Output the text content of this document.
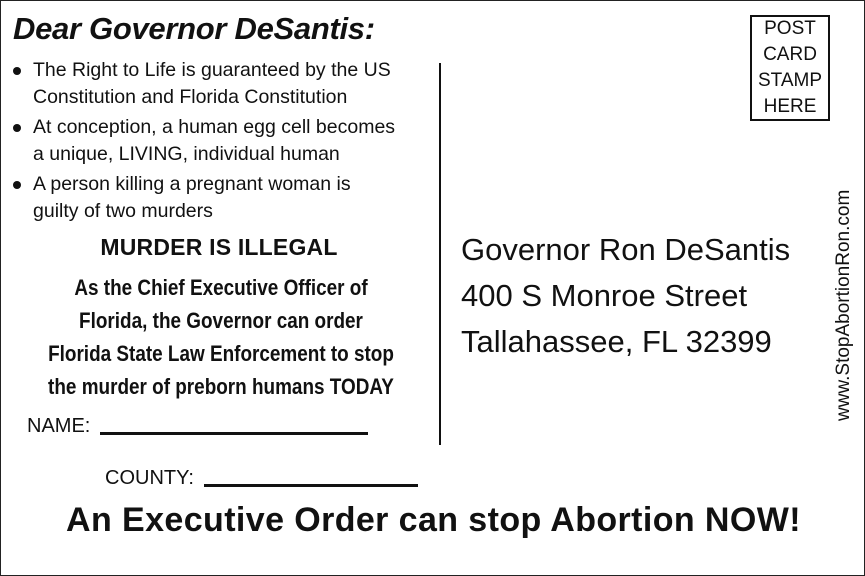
Dear Governor DeSantis:
The Right to Life is guaranteed by the US
Constitution and Florida Constitution
At conception, a human egg cell becomes
a unique, LIVING, individual human
A person killing a pregnant woman is
guilty of two murders
MURDER IS ILLEGAL
As the Chief Executive Officer of
Florida, the Governor can order
Florida State Law Enforcement to stop
the murder of preborn humans TODAY
NAME:
COUNTY:
POST
CARD
STAMP
HERE
Governor Ron DeSantis
400 S Monroe Street
Tallahassee, FL 32399	www.StopAbortionRon.com
An Executive Order can stop Abortion NOW!
